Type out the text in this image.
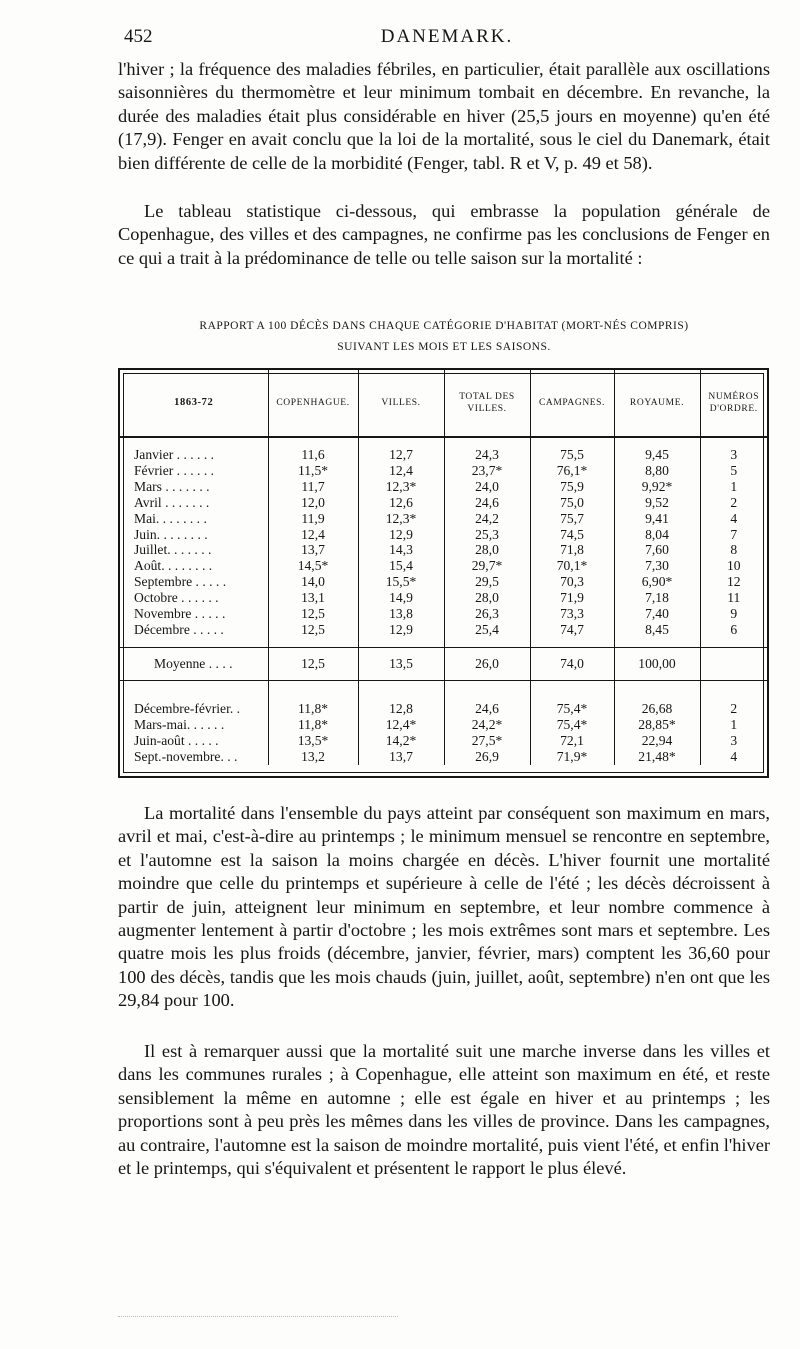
452	DANEMARK.

l'hiver ; la fréquence des maladies fébriles, en particulier, était parallèle aux oscillations saisonnières du thermomètre et leur minimum tombait en décembre. En revanche, la durée des maladies était plus considérable en hiver (25,5 jours en moyenne) qu'en été (17,9). Fenger en avait conclu que la loi de la mortalité, sous le ciel du Danemark, était bien différente de celle de la morbidité (Fenger, tabl. R et V, p. 49 et 58).

Le tableau statistique ci-dessous, qui embrasse la population générale de Copenhague, des villes et des campagnes, ne confirme pas les conclusions de Fenger en ce qui a trait à la prédominance de telle ou telle saison sur la mortalité :

RAPPORT A 100 DÉCÈS DANS CHAQUE CATÉGORIE D'HABITAT (MORT-NÉS COMPRIS)
SUIVANT LES MOIS ET LES SAISONS.
1863-72	COPENHAGUE.	VILLES.	TOTAL DES VILLES.	CAMPAGNES.	ROYAUME.	NUMÉROS D'ORDRE.

Janvier . . . . . .	11,6	12,7	24,3	75,5	9,45	3
Février . . . . . .	11,5*	12,4	23,7*	76,1*	8,80	5
Mars . . . . . . .	11,7	12,3*	24,0	75,9	9,92*	1
Avril . . . . . . .	12,0	12,6	24,6	75,0	9,52	2
Mai. . . . . . . .	11,9	12,3*	24,2	75,7	9,41	4
Juin. . . . . . . .	12,4	12,9	25,3	74,5	8,04	7
Juillet. . . . . . .	13,7	14,3	28,0	71,8	7,60	8
Août. . . . . . . .	14,5*	15,4	29,7*	70,1*	7,30	10
Septembre . . . . .	14,0	15,5*	29,5	70,3	6,90*	12
Octobre . . . . . .	13,1	14,9	28,0	71,9	7,18	11
Novembre . . . . .	12,5	13,8	26,3	73,3	7,40	9
Décembre . . . . .	12,5	12,9	25,4	74,7	8,45	6

Moyenne . . . .	12,5	13,5	26,0	74,0	100,00	

Décembre-février. .	11,8*	12,8	24,6	75,4*	26,68	2
Mars-mai. . . . . .	11,8*	12,4*	24,2*	75,4*	28,85*	1
Juin-août . . . . .	13,5*	14,2*	27,5*	72,1	22,94	3
Sept.-novembre. . .	13,2	13,7	26,9	71,9*	21,48*	4

La mortalité dans l'ensemble du pays atteint par conséquent son maximum en mars, avril et mai, c'est-à-dire au printemps ; le minimum mensuel se rencontre en septembre, et l'automne est la saison la moins chargée en décès. L'hiver fournit une mortalité moindre que celle du printemps et supérieure à celle de l'été ; les décès décroissent à partir de juin, atteignent leur minimum en septembre, et leur nombre commence à augmenter lentement à partir d'octobre ; les mois extrêmes sont mars et septembre. Les quatre mois les plus froids (décembre, janvier, février, mars) comptent les 36,60 pour 100 des décès, tandis que les mois chauds (juin, juillet, août, septembre) n'en ont que les 29,84 pour 100.

Il est à remarquer aussi que la mortalité suit une marche inverse dans les villes et dans les communes rurales ; à Copenhague, elle atteint son maximum en été, et reste sensiblement la même en automne ; elle est égale en hiver et au printemps ; les proportions sont à peu près les mêmes dans les villes de province. Dans les campagnes, au contraire, l'automne est la saison de moindre mortalité, puis vient l'été, et enfin l'hiver et le printemps, qui s'équivalent et présentent le rapport le plus élevé.
